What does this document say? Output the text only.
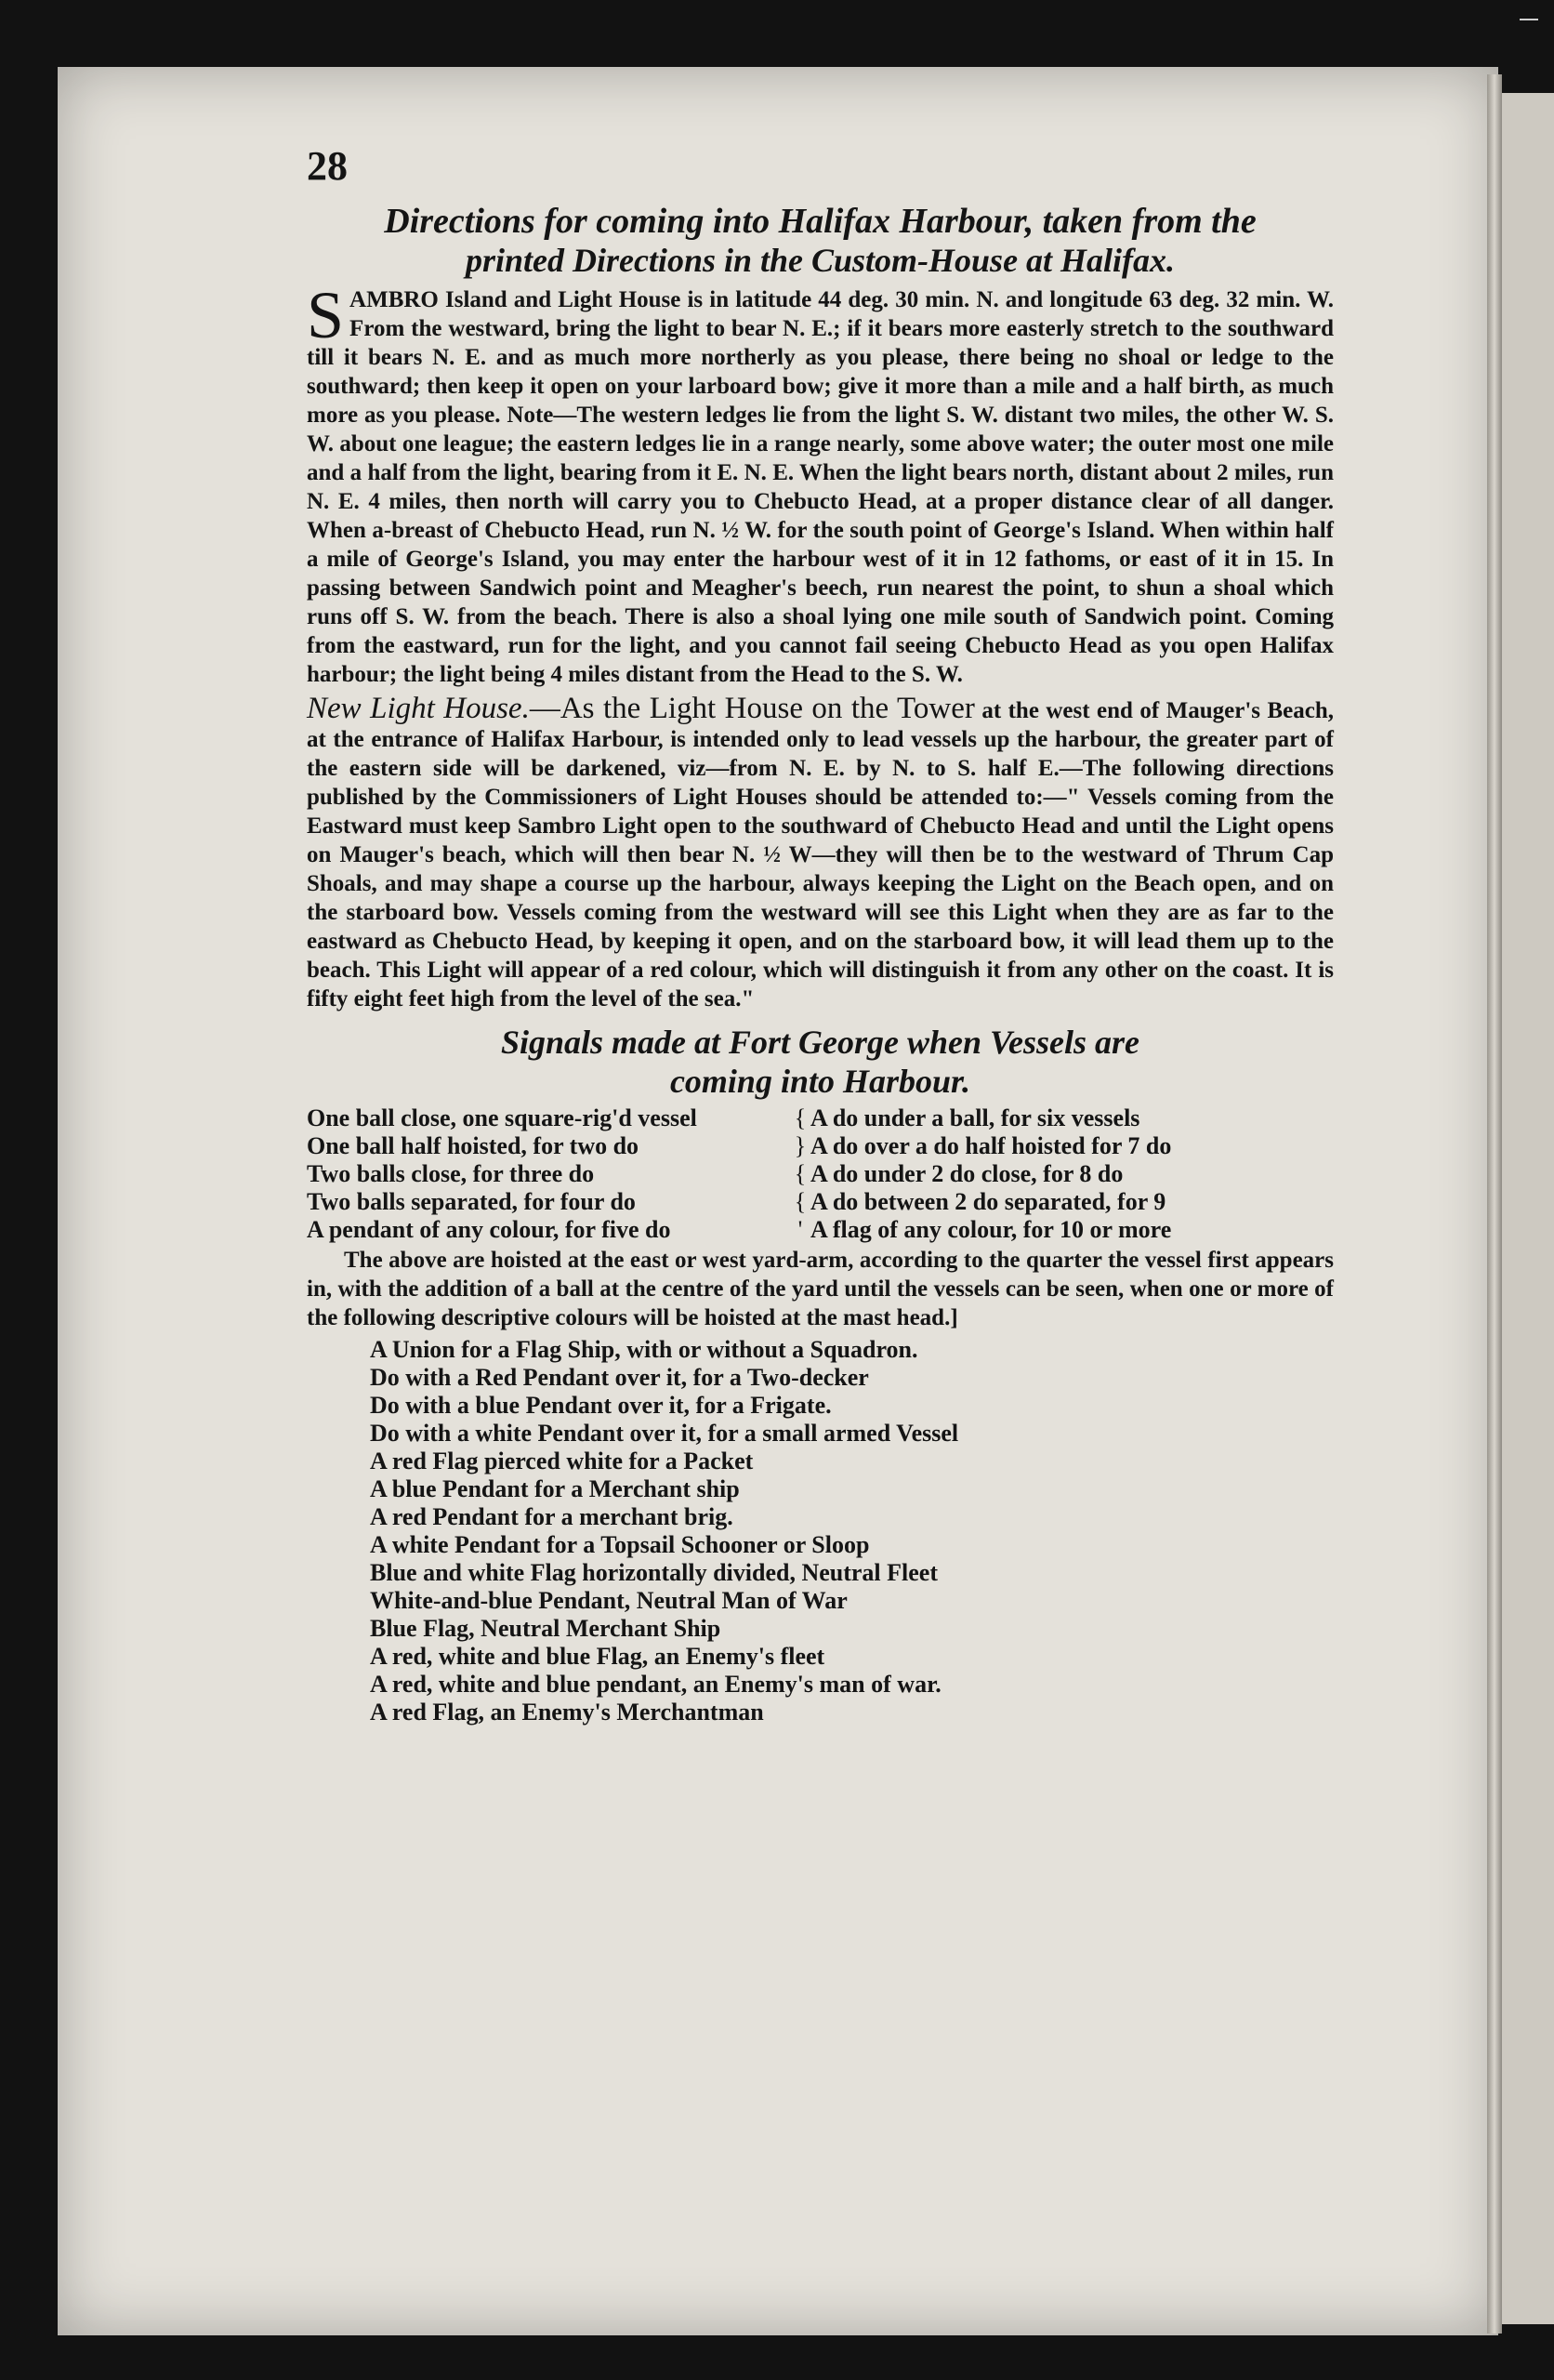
28
Directions for coming into Halifax Harbour, taken from the
printed Directions in the Custom-House at Halifax.

SAMBRO Island and Light House is in latitude 44 deg. 30 min. N. and longitude 63 deg. 32 min. W. From the westward, bring the light to bear N. E.; if it bears more easterly stretch to the southward till it bears N. E. and as much more northerly as you please, there being no shoal or ledge to the southward; then keep it open on your larboard bow; give it more than a mile and a half birth, as much more as you please. Note—The western ledges lie from the light S. W. distant two miles, the other W. S. W. about one league; the eastern ledges lie in a range nearly, some above water; the outer most one mile and a half from the light, bearing from it E. N. E. When the light bears north, distant about 2 miles, run N. E. 4 miles, then north will carry you to Chebucto Head, at a proper distance clear of all danger. When a-breast of Chebucto Head, run N. ½ W. for the south point of George's Island. When within half a mile of George's Island, you may enter the harbour west of it in 12 fathoms, or east of it in 15. In passing between Sandwich point and Meagher's beech, run nearest the point, to shun a shoal which runs off S. W. from the beach. There is also a shoal lying one mile south of Sandwich point. Coming from the eastward, run for the light, and you cannot fail seeing Chebucto Head as you open Halifax harbour; the light being 4 miles distant from the Head to the S. W.

New Light House.—As the Light House on the Tower at the west end of Mauger's Beach, at the entrance of Halifax Harbour, is intended only to lead vessels up the harbour, the greater part of the eastern side will be darkened, viz—from N. E. by N. to S. half E.—The following directions published by the Commissioners of Light Houses should be attended to:—" Vessels coming from the Eastward must keep Sambro Light open to the southward of Chebucto Head and until the Light opens on Mauger's beach, which will then bear N. ½ W—they will then be to the westward of Thrum Cap Shoals, and may shape a course up the harbour, always keeping the Light on the Beach open, and on the starboard bow. Vessels coming from the westward will see this Light when they are as far to the eastward as Chebucto Head, by keeping it open, and on the starboard bow, it will lead them up to the beach. This Light will appear of a red colour, which will distinguish it from any other on the coast. It is fifty eight feet high from the level of the sea."

Signals made at Fort George when Vessels are
coming into Harbour.
One ball close, one square-rig'd vessel	{ A do under a ball, for six vessels
One ball half hoisted, for two do	} A do over a do half hoisted for 7 do
Two balls close, for three do	{ A do under 2 do close, for 8 do
Two balls separated, for four do	{ A do between 2 do separated, for 9
A pendant of any colour, for five do	' A flag of any colour, for 10 or more

The above are hoisted at the east or west yard-arm, according to the quarter the vessel first appears in, with the addition of a ball at the centre of the yard until the vessels can be seen, when one or more of the following descriptive colours will be hoisted at the mast head.]

A Union for a Flag Ship, with or without a Squadron.
Do with a Red Pendant over it, for a Two-decker
Do with a blue Pendant over it, for a Frigate.
Do with a white Pendant over it, for a small armed Vessel
A red Flag pierced white for a Packet
A blue Pendant for a Merchant ship
A red Pendant for a merchant brig.
A white Pendant for a Topsail Schooner or Sloop
Blue and white Flag horizontally divided, Neutral Fleet
White-and-blue Pendant, Neutral Man of War
Blue Flag, Neutral Merchant Ship
A red, white and blue Flag, an Enemy's fleet
A red, white and blue pendant, an Enemy's man of war.
A red Flag, an Enemy's Merchantman
